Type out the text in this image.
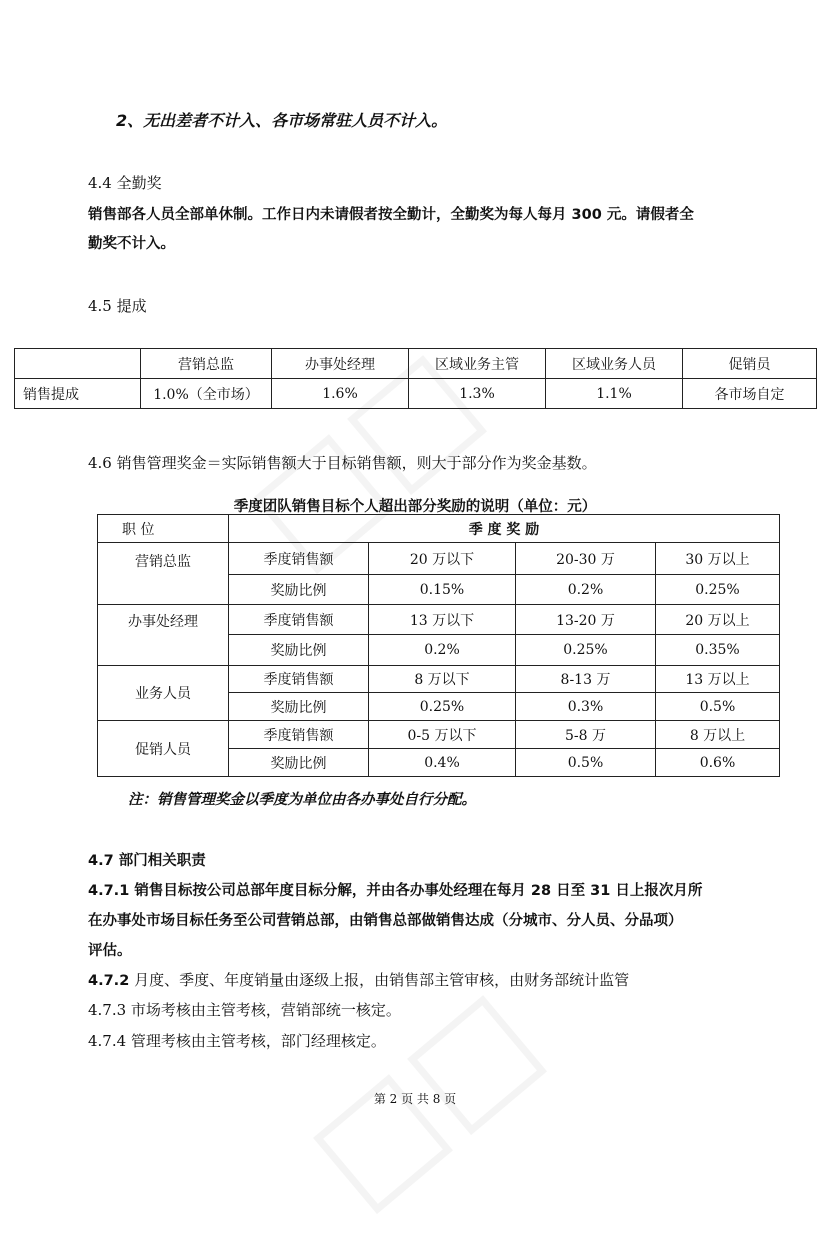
2、无出差者不计入、各市场常驻人员不计入。
4.4 全勤奖
销售部各人员全部单休制。工作日内未请假者按全勤计，全勤奖为每人每月 300 元。请假者全
勤奖不计入。
4.5 提成
	营销总监	办事处经理	区域业务主管	区域业务人员	促销员
销售提成	1.0%（全市场）	1.6%	1.3%	1.1%	各市场自定
4.6 销售管理奖金＝实际销售额大于目标销售额，则大于部分作为奖金基数。
季度团队销售目标个人超出部分奖励的说明（单位：元）
职 位	季 度 奖 励			
营销总监	季度销售额	20 万以下	20-30 万	30 万以上
	奖励比例	0.15%	0.2%	0.25%
办事处经理	季度销售额	13 万以下	13-20 万	20 万以上
	奖励比例	0.2%	0.25%	0.35%
业务人员	季度销售额	8 万以下	8-13 万	13 万以上
	奖励比例	0.25%	0.3%	0.5%
促销人员	季度销售额	0-5 万以下	5-8 万	8 万以上
	奖励比例	0.4%	0.5%	0.6%
注：销售管理奖金以季度为单位由各办事处自行分配。
4.7 部门相关职责
4.7.1 销售目标按公司总部年度目标分解，并由各办事处经理在每月 28 日至 31 日上报次月所
在办事处市场目标任务至公司营销总部，由销售总部做销售达成（分城市、分人员、分品项）
评估。
4.7.2 月度、季度、年度销量由逐级上报，由销售部主管审核，由财务部统计监管
4.7.3 市场考核由主管考核，营销部统一核定。
4.7.4 管理考核由主管考核，部门经理核定。
第 2 页 共 8 页
